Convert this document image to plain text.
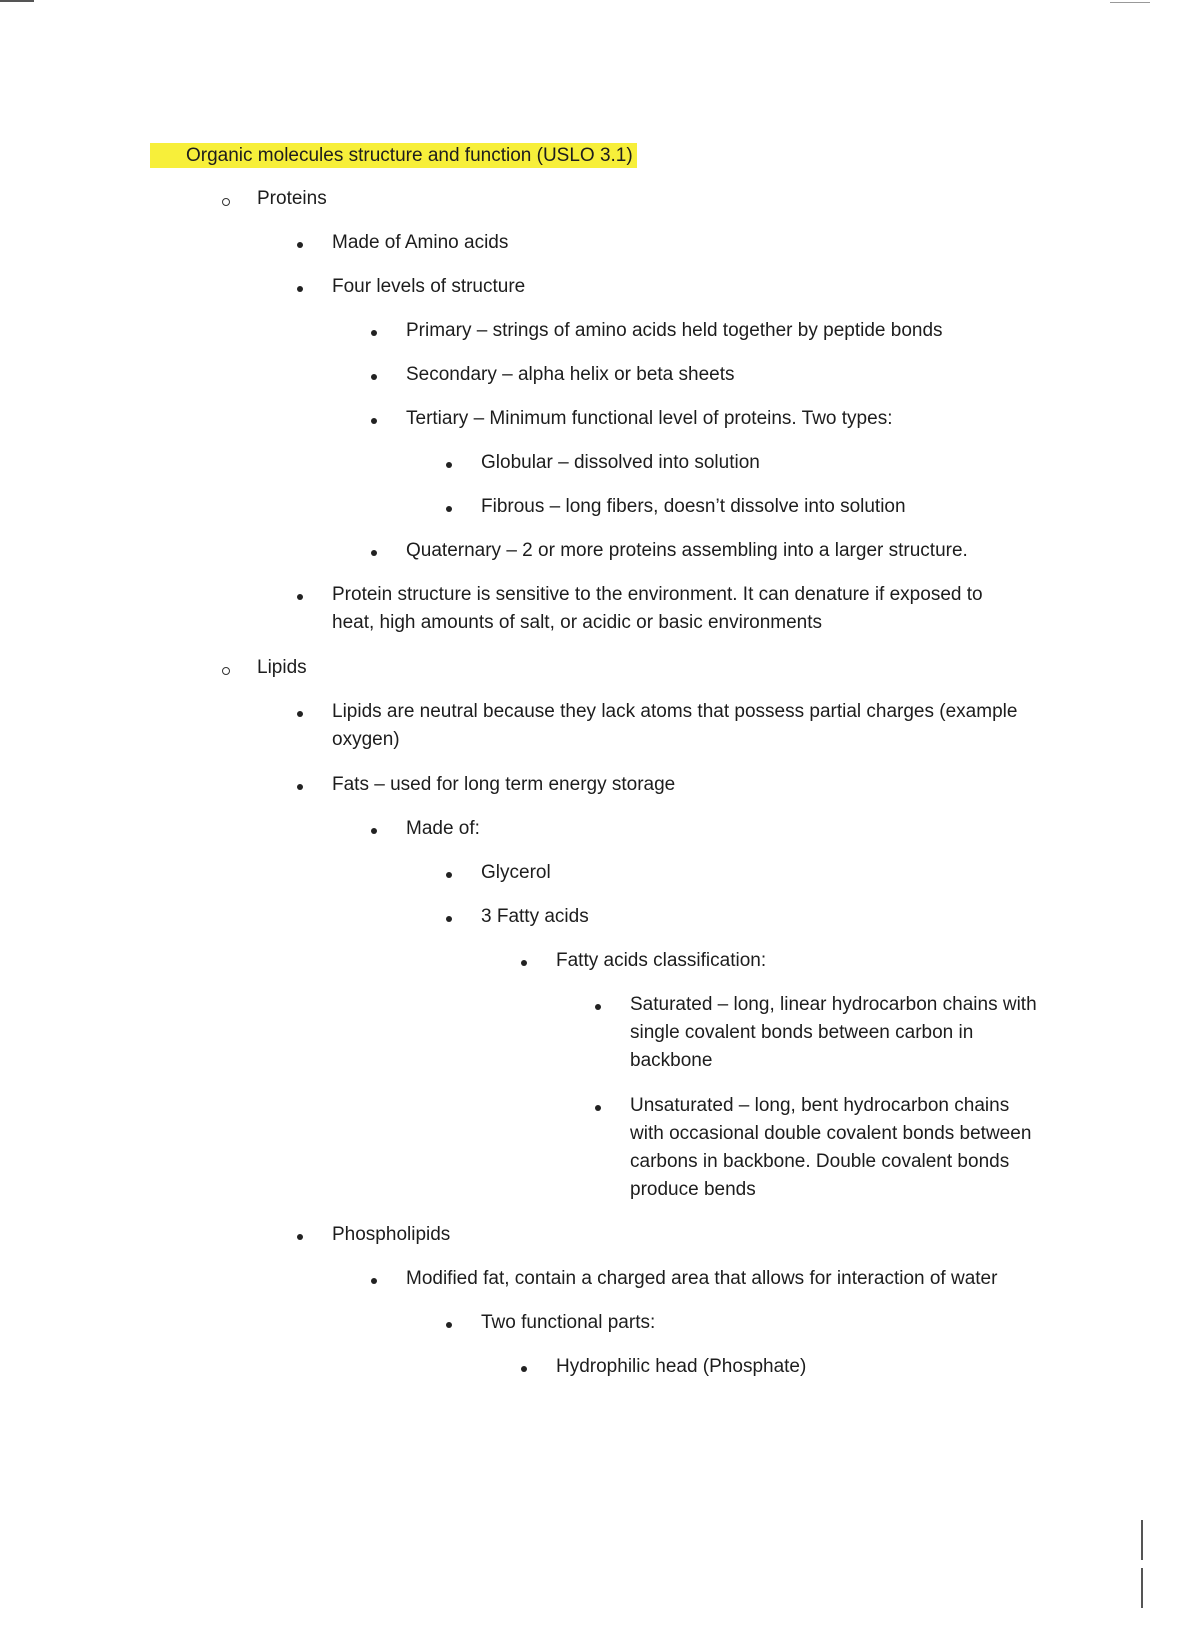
Organic molecules structure and function (USLO 3.1)
Proteins
Made of Amino acids
Four levels of structure
Primary – strings of amino acids held together by peptide bonds
Secondary – alpha helix or beta sheets
Tertiary – Minimum functional level of proteins. Two types:
Globular – dissolved into solution
Fibrous – long fibers, doesn’t dissolve into solution
Quaternary – 2 or more proteins assembling into a larger structure.
Protein structure is sensitive to the environment. It can denature if exposed to
heat, high amounts of salt, or acidic or basic environments
Lipids
Lipids are neutral because they lack atoms that possess partial charges (example
oxygen)
Fats – used for long term energy storage
Made of:
Glycerol
3 Fatty acids
Fatty acids classification:
Saturated – long, linear hydrocarbon chains with
single covalent bonds between carbon in
backbone
Unsaturated – long, bent hydrocarbon chains
with occasional double covalent bonds between
carbons in backbone. Double covalent bonds
produce bends
Phospholipids
Modified fat, contain a charged area that allows for interaction of water
Two functional parts:
Hydrophilic head (Phosphate)
